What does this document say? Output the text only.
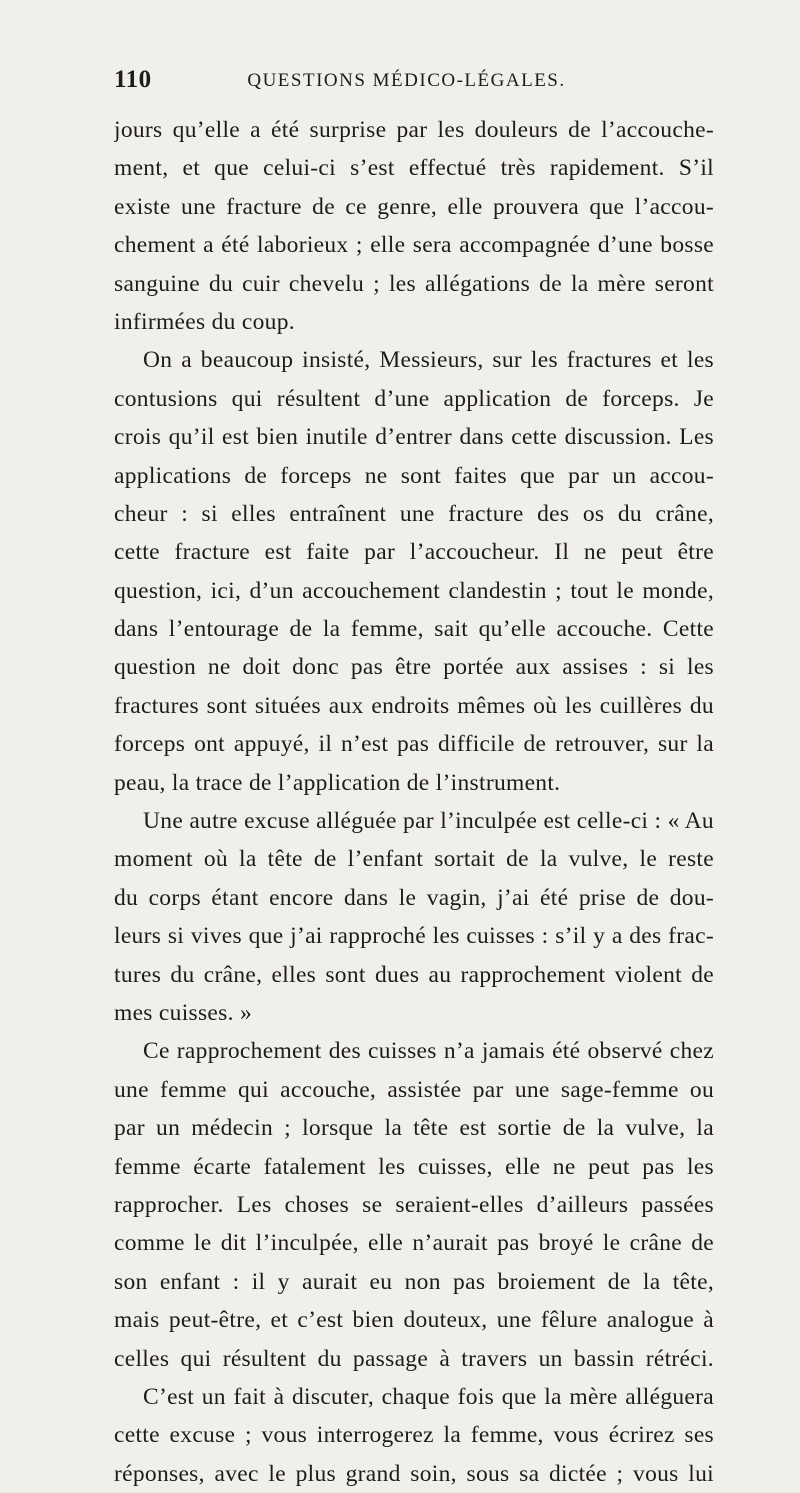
110	QUESTIONS MÉDICO-LÉGALES.
jours qu’elle a été surprise par les douleurs de l’accouche-
ment, et que celui-ci s’est effectué très rapidement. S’il
existe une fracture de ce genre, elle prouvera que l’accou-
chement a été laborieux ; elle sera accompagnée d’une bosse
sanguine du cuir chevelu ; les allégations de la mère seront
infirmées du coup.
On a beaucoup insisté, Messieurs, sur les fractures et les
contusions qui résultent d’une application de forceps. Je
crois qu’il est bien inutile d’entrer dans cette discussion. Les
applications de forceps ne sont faites que par un accou-
cheur : si elles entraînent une fracture des os du crâne,
cette fracture est faite par l’accoucheur. Il ne peut être
question, ici, d’un accouchement clandestin ; tout le monde,
dans l’entourage de la femme, sait qu’elle accouche. Cette
question ne doit donc pas être portée aux assises : si les
fractures sont situées aux endroits mêmes où les cuillères du
forceps ont appuyé, il n’est pas difficile de retrouver, sur la
peau, la trace de l’application de l’instrument.
Une autre excuse alléguée par l’inculpée est celle-ci : « Au
moment où la tête de l’enfant sortait de la vulve, le reste
du corps étant encore dans le vagin, j’ai été prise de dou-
leurs si vives que j’ai rapproché les cuisses : s’il y a des frac-
tures du crâne, elles sont dues au rapprochement violent de
mes cuisses. »
Ce rapprochement des cuisses n’a jamais été observé chez
une femme qui accouche, assistée par une sage-femme ou
par un médecin ; lorsque la tête est sortie de la vulve, la
femme écarte fatalement les cuisses, elle ne peut pas les
rapprocher. Les choses se seraient-elles d’ailleurs passées
comme le dit l’inculpée, elle n’aurait pas broyé le crâne de
son enfant : il y aurait eu non pas broiement de la tête,
mais peut-être, et c’est bien douteux, une fêlure analogue à
celles qui résultent du passage à travers un bassin rétréci.
C’est un fait à discuter, chaque fois que la mère alléguera
cette excuse ; vous interrogerez la femme, vous écrirez ses
réponses, avec le plus grand soin, sous sa dictée ; vous lui
